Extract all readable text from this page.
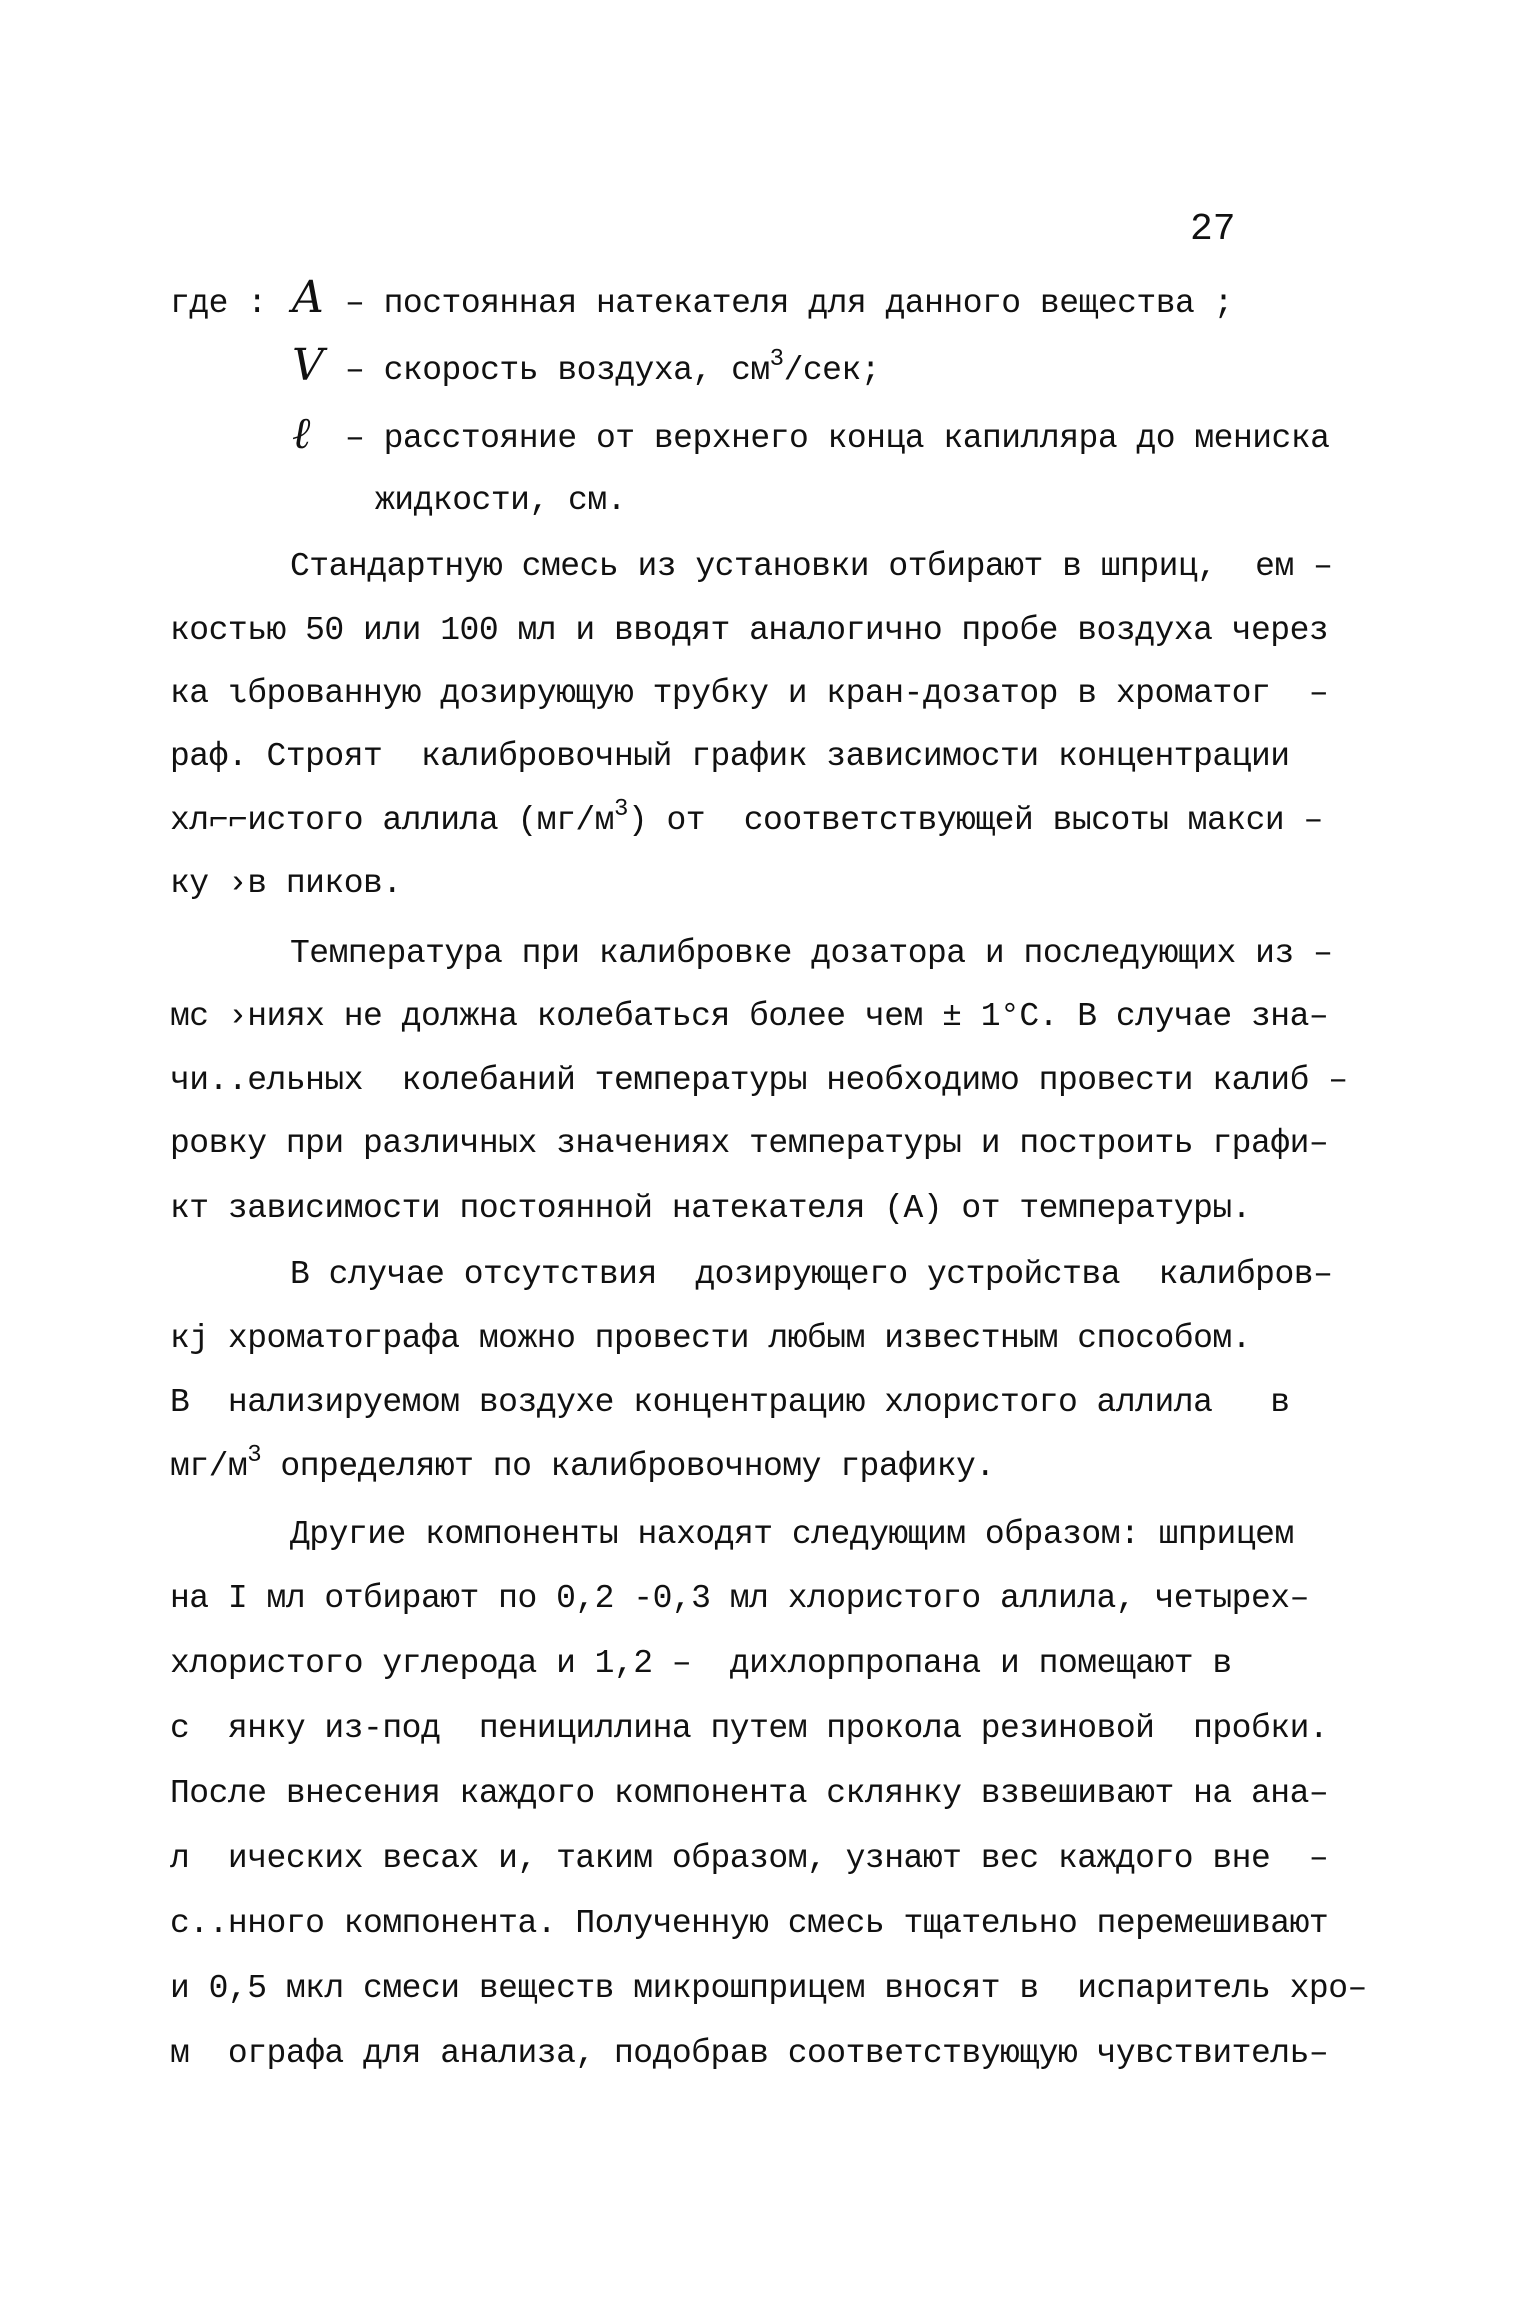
27
где : A – постоянная натекателя для данного вещества ;
V – скорость воздуха, $см^3$/сек;
ℓ – расстояние от верхнего конца капилляра до мениска
жидкости, см.
Стандартную смесь из установки отбирают в шприц,  ем –
костью 50 или 100 мл и вводят аналогично пробе воздуха через
ка ιброванную дозирующую трубку и кран-дозатор в хроматог  –
раф. Строят  калибровочный график зависимости концентрации
хл⌐⌐истого аллила $(мг/м^3)$ от  соответствующей высоты макси –
ку ›в пиков.
Температура при калибровке дозатора и последующих из –
мс ›ниях не должна колебаться более чем ± 1°С. В случае зна–
чи..ельных  колебаний температуры необходимо провести калиб –
ровку при различных значениях температуры и построить графи–
кт зависимости постоянной натекателя (А) от температуры.
В случае отсутствия  дозирующего устройства  калибров–
кj хроматографа можно провести любым известным способом.
В  нализируемом воздухе концентрацию хлористого аллила   в
$мг/м^3$ определяют по калибровочному графику.
Другие компоненты находят следующим образом: шприцем
на I мл отбирают по 0,2 -0,3 мл хлористого аллила, четырех–
хлористого углерода и 1,2 –  дихлорпропана и помещают в
с  янку из-под  пенициллина путем прокола резиновой  пробки.
После внесения каждого компонента склянку взвешивают на ана–
л  ических весах и, таким образом, узнают вес каждого вне  –
с..нного компонента. Полученную смесь тщательно перемешивают
и 0,5 мкл смеси веществ микрошприцем вносят в  испаритель хро–
м  ографа для анализа, подобрав соответствующую чувствитель–
